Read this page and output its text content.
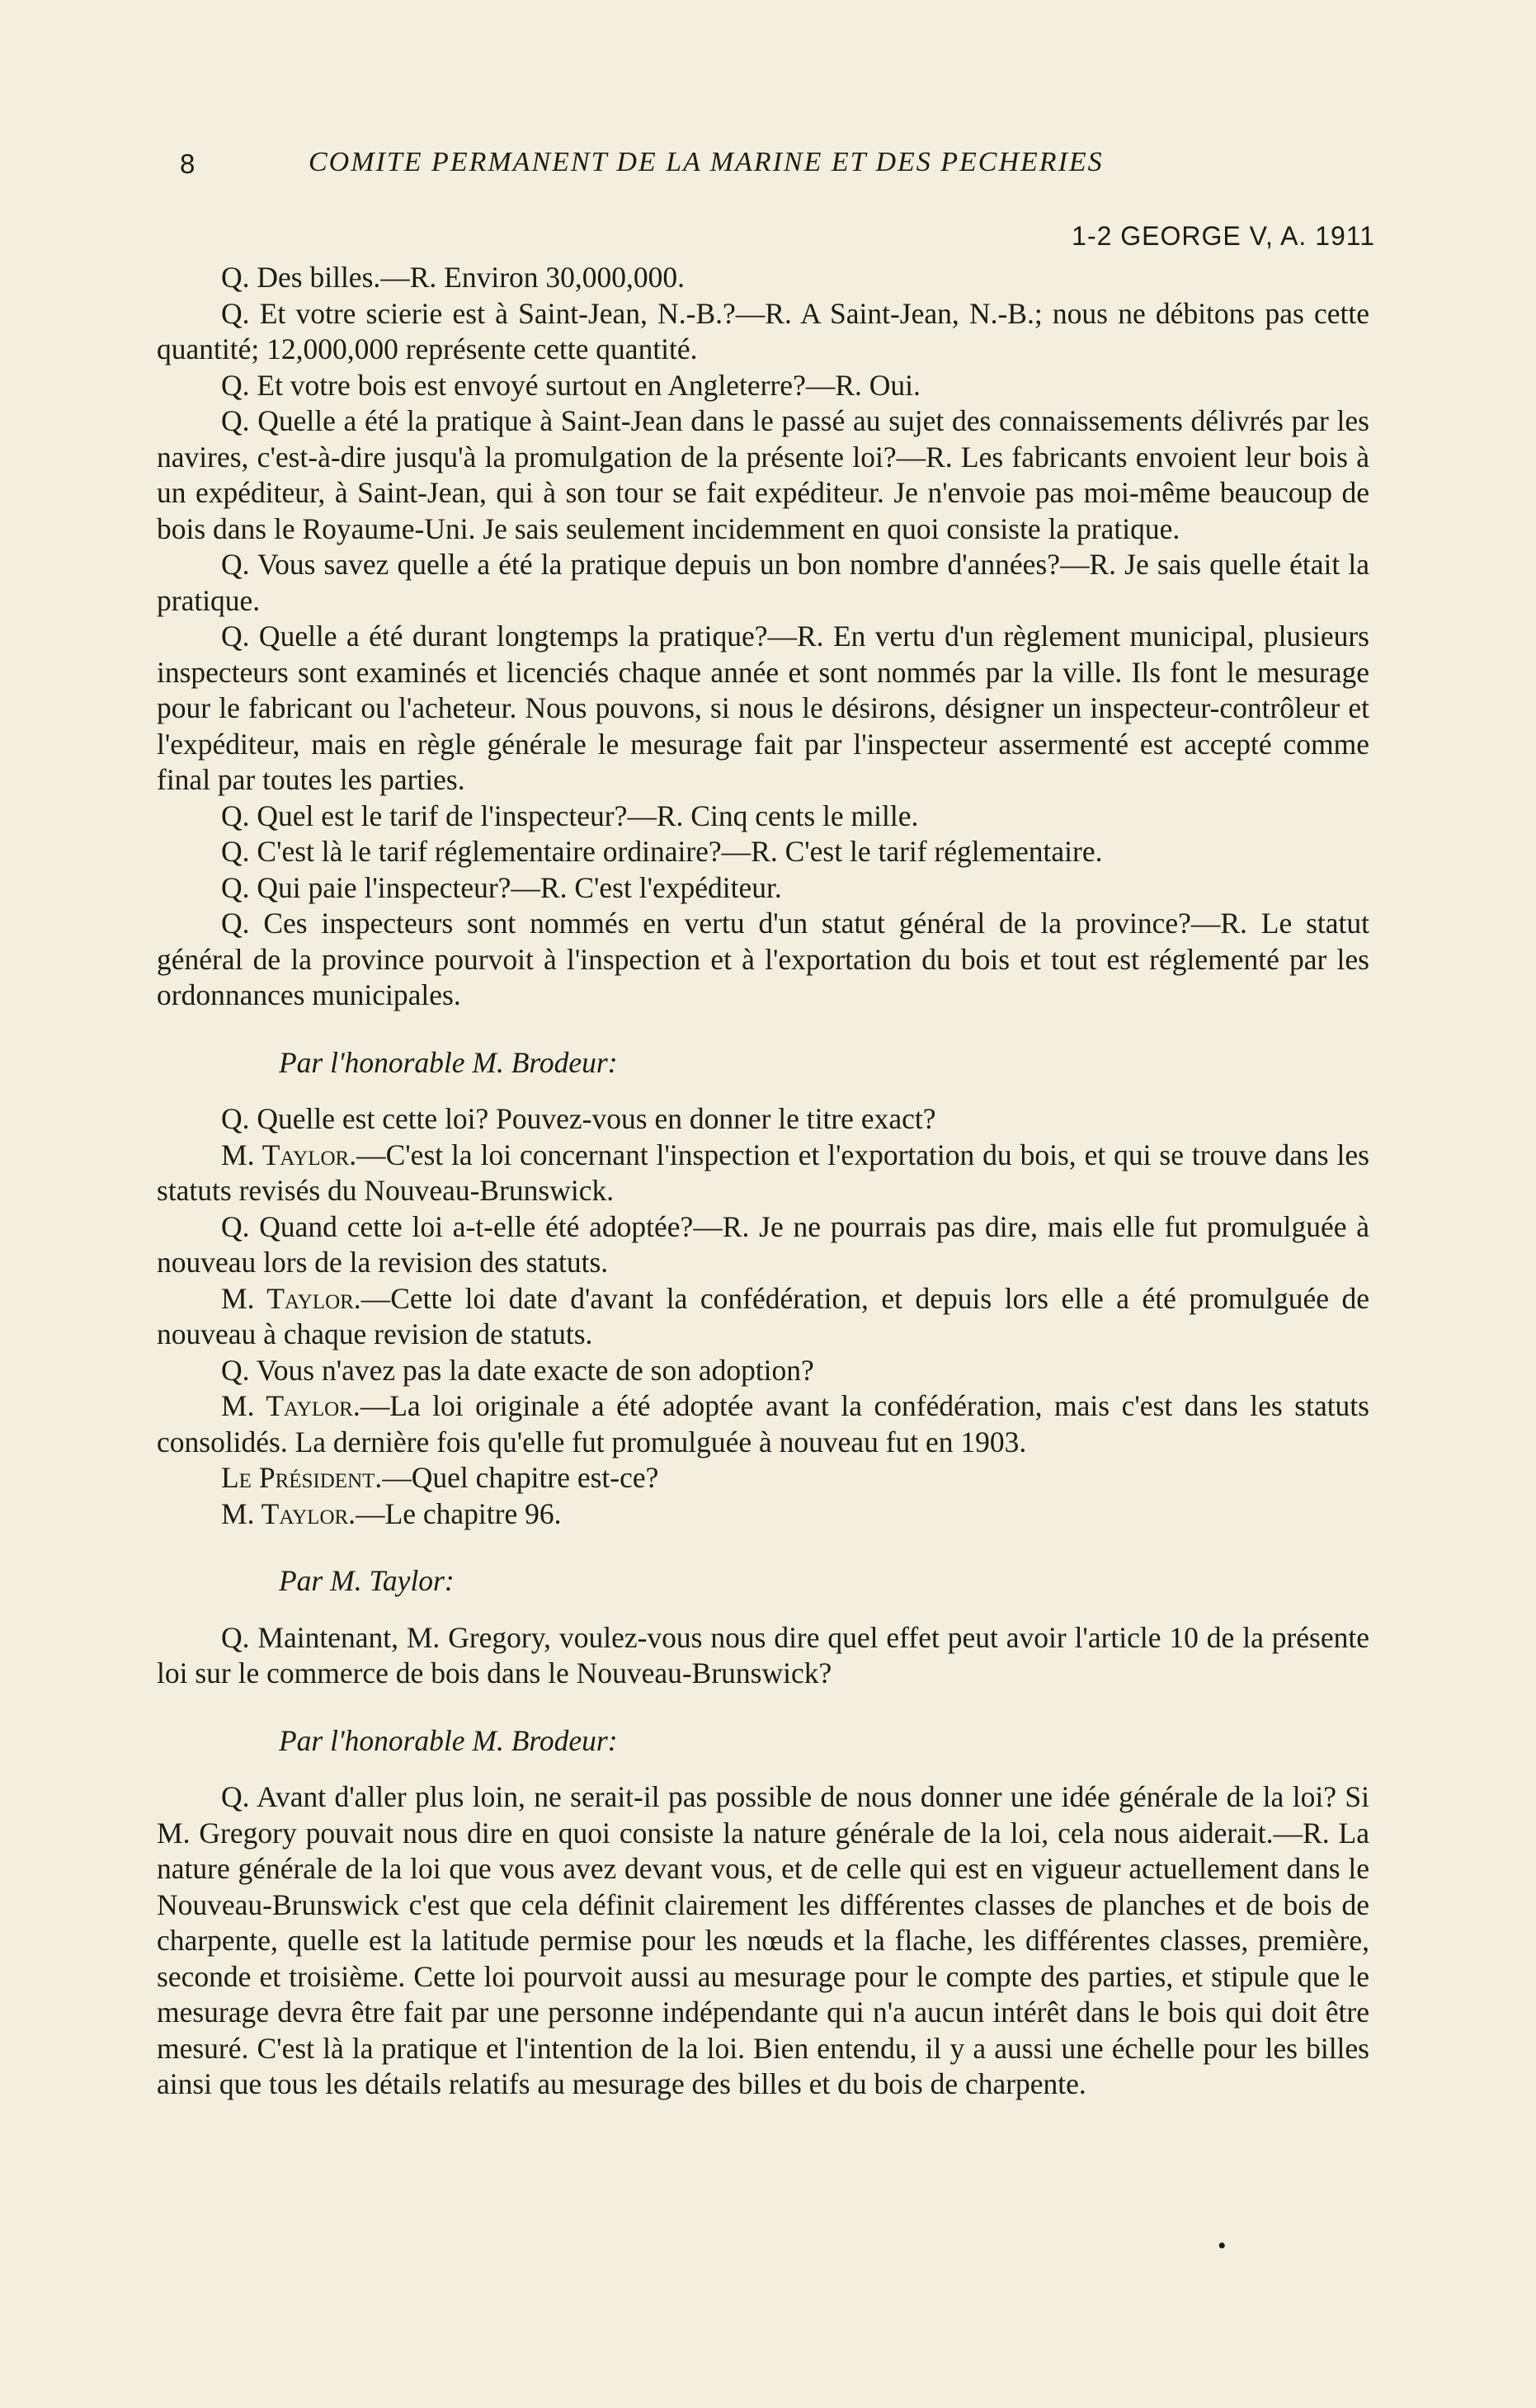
8	COMITE PERMANENT DE LA MARINE ET DES PECHERIES
1-2 GEORGE V, A. 1911

Q. Des billes.—R. Environ 30,000,000.

Q. Et votre scierie est à Saint-Jean, N.-B.?—R. A Saint-Jean, N.-B.; nous ne débitons pas cette quantité; 12,000,000 représente cette quantité.

Q. Et votre bois est envoyé surtout en Angleterre?—R. Oui.

Q. Quelle a été la pratique à Saint-Jean dans le passé au sujet des connaissements délivrés par les navires, c'est-à-dire jusqu'à la promulgation de la présente loi?—R. Les fabricants envoient leur bois à un expéditeur, à Saint-Jean, qui à son tour se fait expéditeur. Je n'envoie pas moi-même beaucoup de bois dans le Royaume-Uni. Je sais seulement incidemment en quoi consiste la pratique.

Q. Vous savez quelle a été la pratique depuis un bon nombre d'années?—R. Je sais quelle était la pratique.

Q. Quelle a été durant longtemps la pratique?—R. En vertu d'un règlement municipal, plusieurs inspecteurs sont examinés et licenciés chaque année et sont nommés par la ville. Ils font le mesurage pour le fabricant ou l'acheteur. Nous pouvons, si nous le désirons, désigner un inspecteur-contrôleur et l'expéditeur, mais en règle générale le mesurage fait par l'inspecteur assermenté est accepté comme final par toutes les parties.

Q. Quel est le tarif de l'inspecteur?—R. Cinq cents le mille.

Q. C'est là le tarif réglementaire ordinaire?—R. C'est le tarif réglementaire.

Q. Qui paie l'inspecteur?—R. C'est l'expéditeur.

Q. Ces inspecteurs sont nommés en vertu d'un statut général de la province?—R. Le statut général de la province pourvoit à l'inspection et à l'exportation du bois et tout est réglementé par les ordonnances municipales.

Par l'honorable M. Brodeur:

Q. Quelle est cette loi? Pouvez-vous en donner le titre exact?

M. Taylor.—C'est la loi concernant l'inspection et l'exportation du bois, et qui se trouve dans les statuts revisés du Nouveau-Brunswick.

Q. Quand cette loi a-t-elle été adoptée?—R. Je ne pourrais pas dire, mais elle fut promulguée à nouveau lors de la revision des statuts.

M. Taylor.—Cette loi date d'avant la confédération, et depuis lors elle a été promulguée de nouveau à chaque revision de statuts.

Q. Vous n'avez pas la date exacte de son adoption?

M. Taylor.—La loi originale a été adoptée avant la confédération, mais c'est dans les statuts consolidés. La dernière fois qu'elle fut promulguée à nouveau fut en 1903.

Le Président.—Quel chapitre est-ce?

M. Taylor.—Le chapitre 96.

Par M. Taylor:

Q. Maintenant, M. Gregory, voulez-vous nous dire quel effet peut avoir l'article 10 de la présente loi sur le commerce de bois dans le Nouveau-Brunswick?

Par l'honorable M. Brodeur:

Q. Avant d'aller plus loin, ne serait-il pas possible de nous donner une idée générale de la loi? Si M. Gregory pouvait nous dire en quoi consiste la nature générale de la loi, cela nous aiderait.—R. La nature générale de la loi que vous avez devant vous, et de celle qui est en vigueur actuellement dans le Nouveau-Brunswick c'est que cela définit clairement les différentes classes de planches et de bois de charpente, quelle est la latitude permise pour les nœuds et la flache, les différentes classes, première, seconde et troisième. Cette loi pourvoit aussi au mesurage pour le compte des parties, et stipule que le mesurage devra être fait par une personne indépendante qui n'a aucun intérêt dans le bois qui doit être mesuré. C'est là la pratique et l'intention de la loi. Bien entendu, il y a aussi une échelle pour les billes ainsi que tous les détails relatifs au mesurage des billes et du bois de charpente.

•
